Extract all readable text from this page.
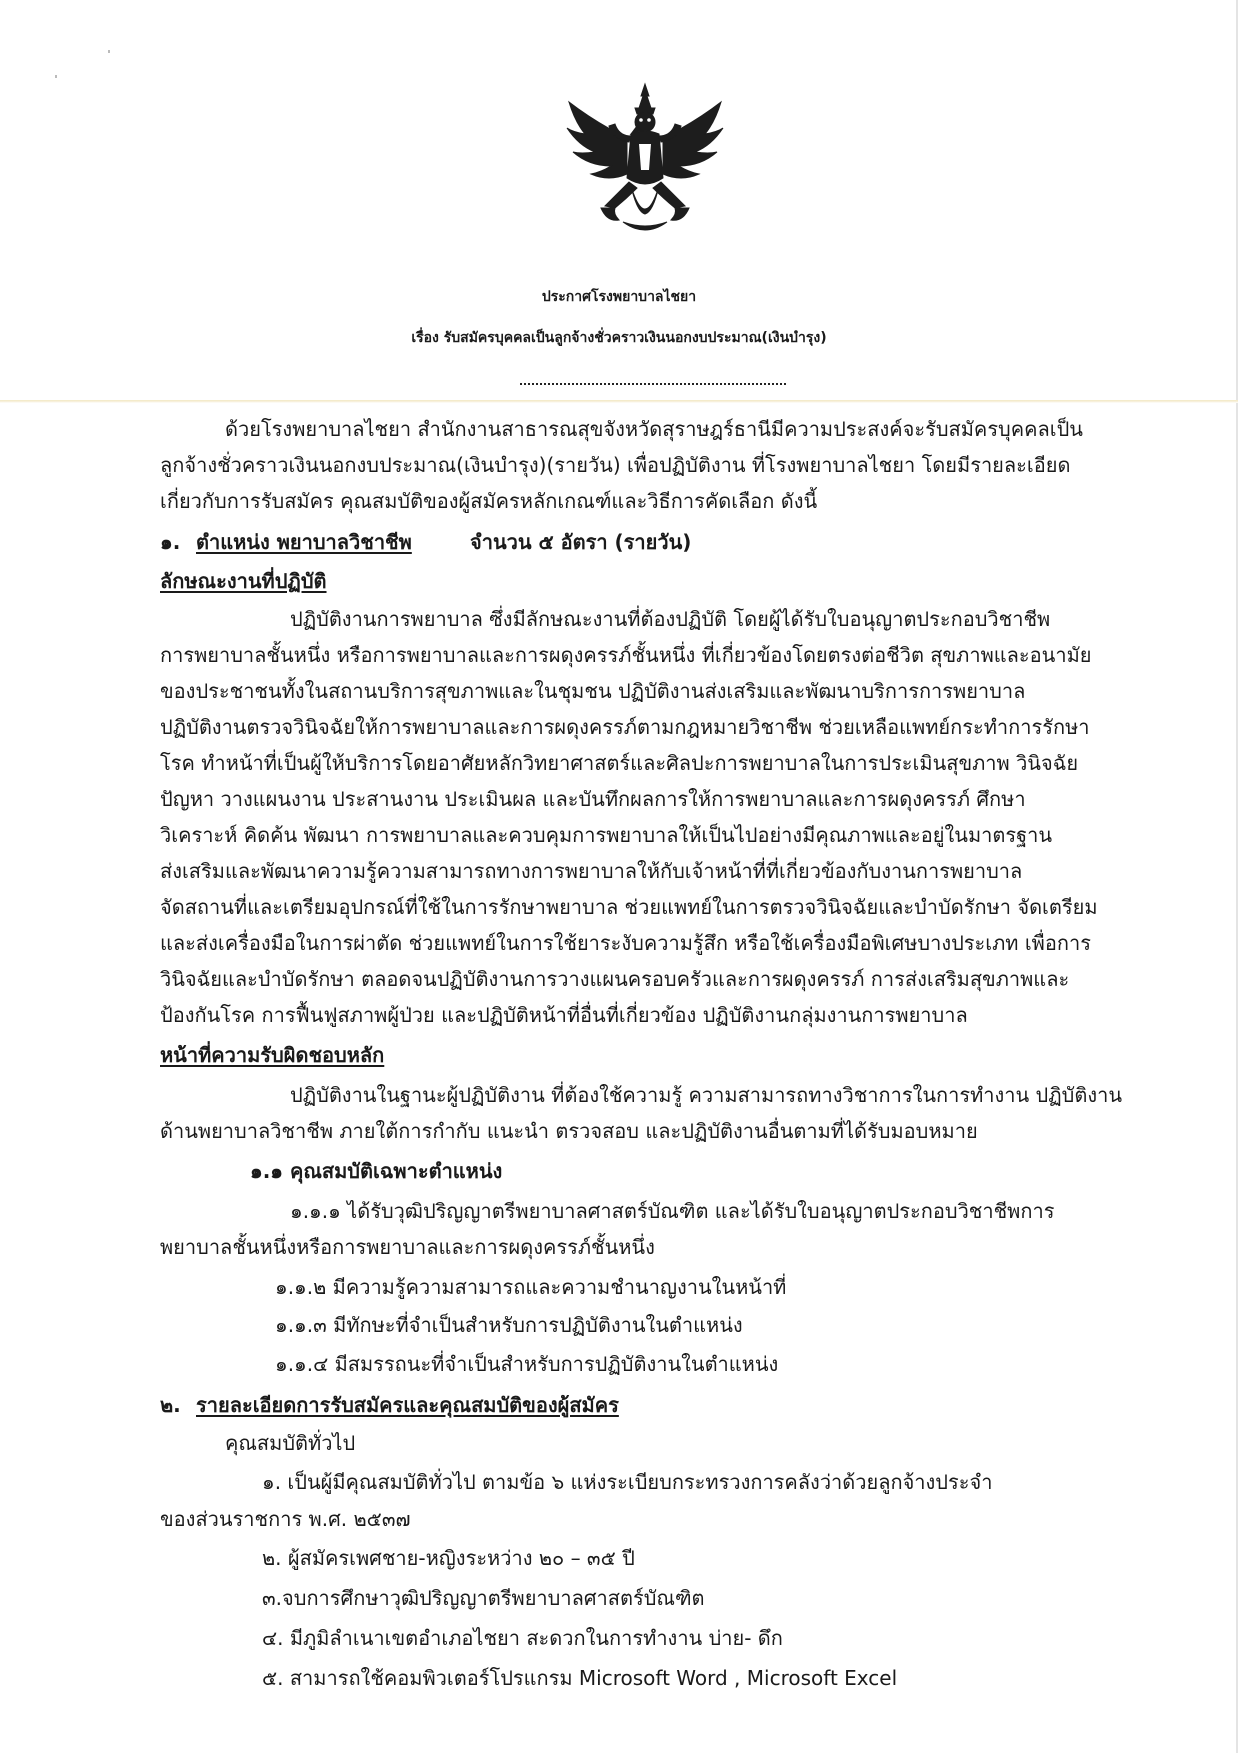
ประกาศโรงพยาบาลไชยา
เรื่อง รับสมัครบุคคลเป็นลูกจ้างชั่วคราวเงินนอกงบประมาณ(เงินบำรุง)
ด้วยโรงพยาบาลไชยา สำนักงานสาธารณสุขจังหวัดสุราษฎร์ธานีมีความประสงค์จะรับสมัครบุคคลเป็น
ลูกจ้างชั่วคราวเงินนอกงบประมาณ(เงินบำรุง)(รายวัน) เพื่อปฏิบัติงาน ที่โรงพยาบาลไชยา โดยมีรายละเอียด
เกี่ยวกับการรับสมัคร คุณสมบัติของผู้สมัครหลักเกณฑ์และวิธีการคัดเลือก ดังนี้
๑. ตำแหน่ง พยาบาลวิชาชีพ	จำนวน ๕ อัตรา (รายวัน)
ลักษณะงานที่ปฏิบัติ
ปฏิบัติงานการพยาบาล ซึ่งมีลักษณะงานที่ต้องปฏิบัติ โดยผู้ได้รับใบอนุญาตประกอบวิชาชีพ
การพยาบาลชั้นหนึ่ง หรือการพยาบาลและการผดุงครรภ์ชั้นหนึ่ง ที่เกี่ยวข้องโดยตรงต่อชีวิต สุขภาพและอนามัย
ของประชาชนทั้งในสถานบริการสุขภาพและในชุมชน ปฏิบัติงานส่งเสริมและพัฒนาบริการการพยาบาล
ปฏิบัติงานตรวจวินิจฉัยให้การพยาบาลและการผดุงครรภ์ตามกฎหมายวิชาชีพ ช่วยเหลือแพทย์กระทำการรักษา
โรค ทำหน้าที่เป็นผู้ให้บริการโดยอาศัยหลักวิทยาศาสตร์และศิลปะการพยาบาลในการประเมินสุขภาพ วินิจฉัย
ปัญหา วางแผนงาน ประสานงาน ประเมินผล และบันทึกผลการให้การพยาบาลและการผดุงครรภ์ ศึกษา
วิเคราะห์ คิดค้น พัฒนา การพยาบาลและควบคุมการพยาบาลให้เป็นไปอย่างมีคุณภาพและอยู่ในมาตรฐาน
ส่งเสริมและพัฒนาความรู้ความสามารถทางการพยาบาลให้กับเจ้าหน้าที่ที่เกี่ยวข้องกับงานการพยาบาล
จัดสถานที่และเตรียมอุปกรณ์ที่ใช้ในการรักษาพยาบาล ช่วยแพทย์ในการตรวจวินิจฉัยและบำบัดรักษา จัดเตรียม
และส่งเครื่องมือในการผ่าตัด ช่วยแพทย์ในการใช้ยาระงับความรู้สึก หรือใช้เครื่องมือพิเศษบางประเภท เพื่อการ
วินิจฉัยและบำบัดรักษา ตลอดจนปฏิบัติงานการวางแผนครอบครัวและการผดุงครรภ์ การส่งเสริมสุขภาพและ
ป้องกันโรค การฟื้นฟูสภาพผู้ป่วย และปฏิบัติหน้าที่อื่นที่เกี่ยวข้อง ปฏิบัติงานกลุ่มงานการพยาบาล
หน้าที่ความรับผิดชอบหลัก
ปฏิบัติงานในฐานะผู้ปฏิบัติงาน ที่ต้องใช้ความรู้ ความสามารถทางวิชาการในการทำงาน ปฏิบัติงาน
ด้านพยาบาลวิชาชีพ ภายใต้การกำกับ แนะนำ ตรวจสอบ และปฏิบัติงานอื่นตามที่ได้รับมอบหมาย
๑.๑ คุณสมบัติเฉพาะตำแหน่ง
๑.๑.๑ ได้รับวุฒิปริญญาตรีพยาบาลศาสตร์บัณฑิต และได้รับใบอนุญาตประกอบวิชาชีพการ
พยาบาลชั้นหนึ่งหรือการพยาบาลและการผดุงครรภ์ชั้นหนึ่ง
๑.๑.๒ มีความรู้ความสามารถและความชำนาญงานในหน้าที่
๑.๑.๓ มีทักษะที่จำเป็นสำหรับการปฏิบัติงานในตำแหน่ง
๑.๑.๔ มีสมรรถนะที่จำเป็นสำหรับการปฏิบัติงานในตำแหน่ง
๒. รายละเอียดการรับสมัครและคุณสมบัติของผู้สมัคร
คุณสมบัติทั่วไป
๑. เป็นผู้มีคุณสมบัติทั่วไป ตามข้อ ๖ แห่งระเบียบกระทรวงการคลังว่าด้วยลูกจ้างประจำ
ของส่วนราชการ พ.ศ. ๒๕๓๗
๒. ผู้สมัครเพศชาย-หญิงระหว่าง ๒๐ – ๓๕ ปี
๓.จบการศึกษาวุฒิปริญญาตรีพยาบาลศาสตร์บัณฑิต
๔. มีภูมิลำเนาเขตอำเภอไชยา สะดวกในการทำงาน บ่าย- ดึก
๕. สามารถใช้คอมพิวเตอร์โปรแกรม Microsoft Word , Microsoft Excel
